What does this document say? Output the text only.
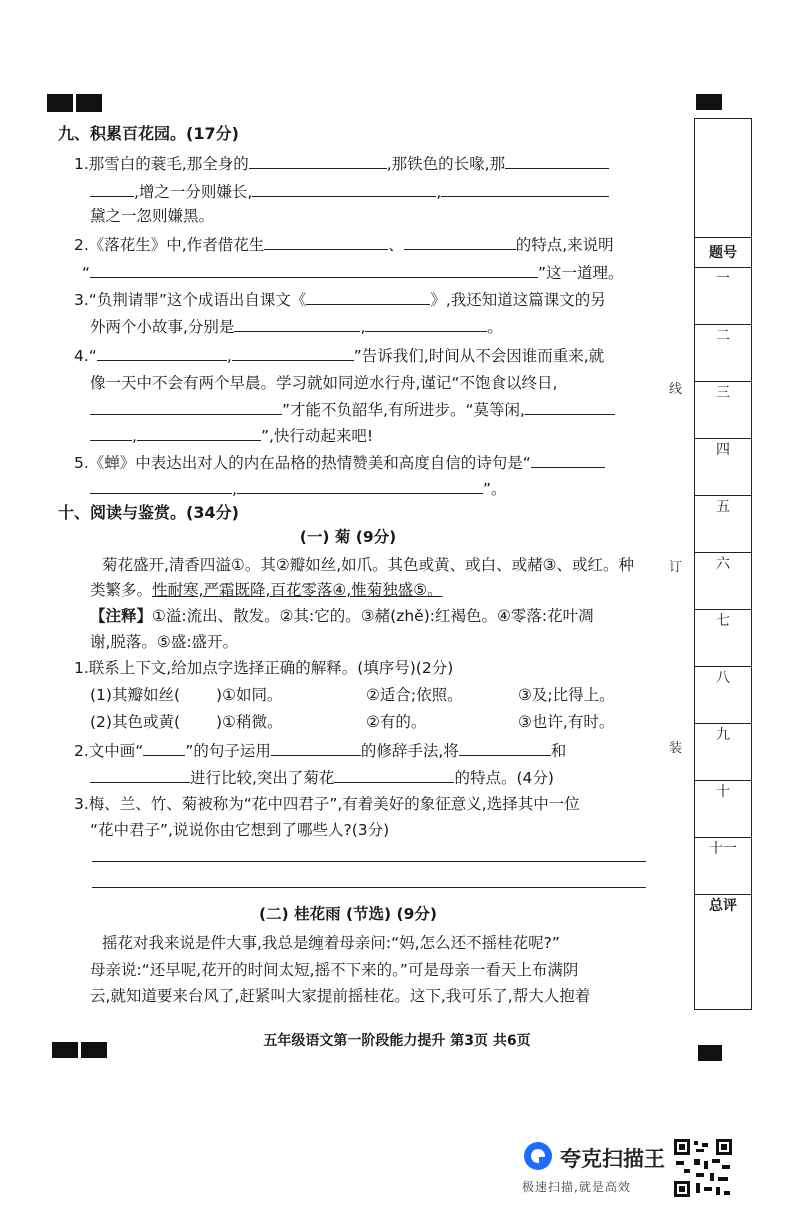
九、积累百花园。(17分)
1.那雪白的蓑毛,那全身的	,那铁色的长喙,那
,增之一分则嫌长,	,
黛之一忽则嫌黑。
2.《落花生》中,作者借花生	、	的特点,来说明
“	”这一道理。
3.“负荆请罪”这个成语出自课文《	》,我还知道这篇课文的另
外两个小故事,分别是	,	。
4.“	,	”告诉我们,时间从不会因谁而重来,就
像一天中不会有两个早晨。学习就如同逆水行舟,谨记“不饱食以终日,
”才能不负韶华,有所进步。“莫等闲,
,	”,快行动起来吧!
5.《蝉》中表达出对人的内在品格的热情赞美和高度自信的诗句是“
,	”。
十、阅读与鉴赏。(34分)
(一) 菊 (9分)
菊花盛开,清香四溢①。其②瓣如丝,如爪。其色或黄、或白、或赭③、或红。种
类繁多。性耐寒,严霜既降,百花零落④,惟菊独盛⑤。
【注释】①溢:流出、散发。②其:它的。③赭(zhě):红褐色。④零落:花叶凋
谢,脱落。⑤盛:盛开。
1.联系上下文,给加点字选择正确的解释。(填序号)(2分)
(1)其瓣如丝( )①如同。	②适合;依照。	③及;比得上。
(2)其色或黄( )①稍微。	②有的。	③也许,有时。
2.文中画“	”的句子运用	的修辞手法,将	和
进行比较,突出了菊花	的特点。(4分)
3.梅、兰、竹、菊被称为“花中四君子”,有着美好的象征意义,选择其中一位
“花中君子”,说说你由它想到了哪些人?(3分)
(二) 桂花雨 (节选) (9分)
摇花对我来说是件大事,我总是缠着母亲问:“妈,怎么还不摇桂花呢?”
母亲说:“还早呢,花开的时间太短,摇不下来的。”可是母亲一看天上布满阴
云,就知道要来台风了,赶紧叫大家提前摇桂花。这下,我可乐了,帮大人抱着
五年级语文第一阶段能力提升 第3页 共6页
线
订
装
题号
一
二
三
四
五
六
七
八
九
十
十一
总评
夸克扫描王
极速扫描,就是高效
